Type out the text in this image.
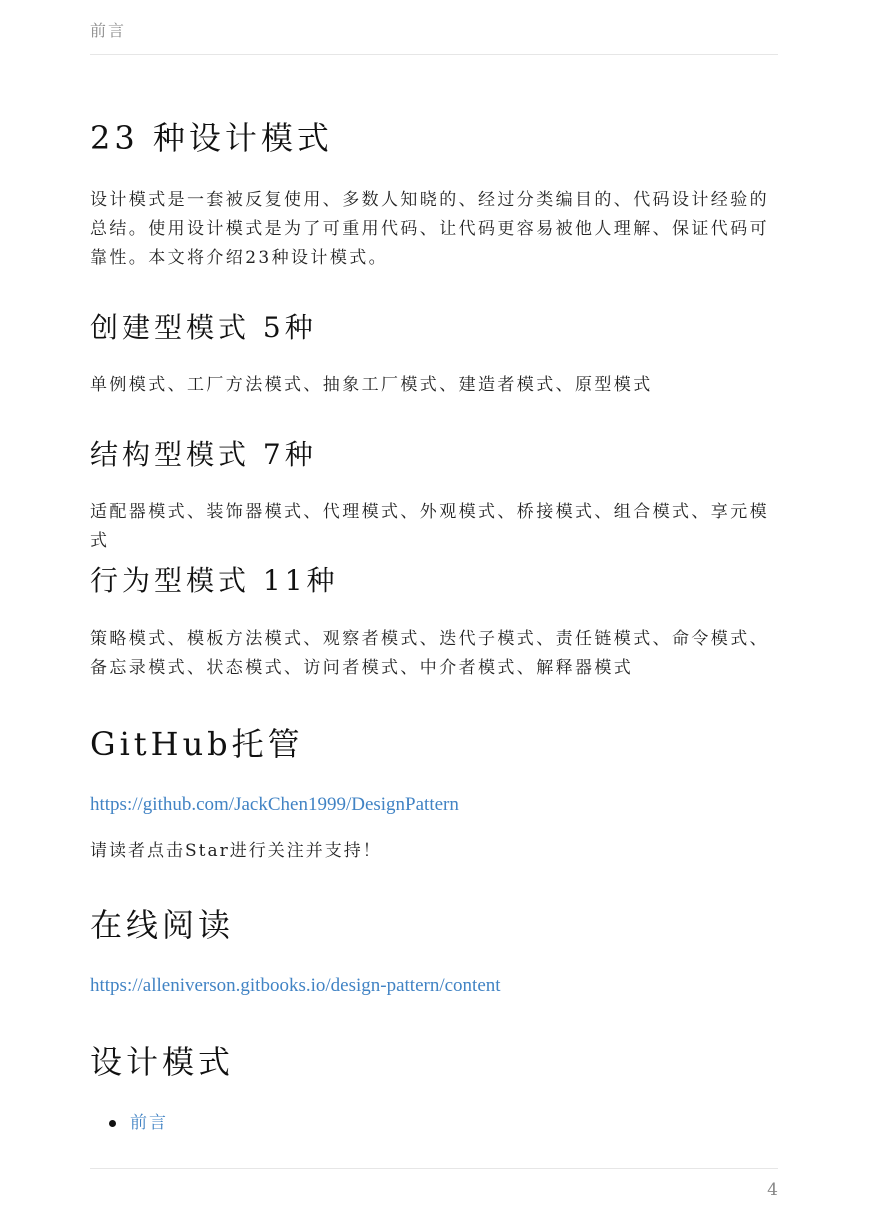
前言
23 种设计模式

设计模式是一套被反复使用、多数人知晓的、经过分类编目的、代码设计经验的总结。使用设计模式是为了可重用代码、让代码更容易被他人理解、保证代码可靠性。本文将介绍23种设计模式。

创建型模式 5种

单例模式、工厂方法模式、抽象工厂模式、建造者模式、原型模式

结构型模式 7种

适配器模式、装饰器模式、代理模式、外观模式、桥接模式、组合模式、享元模式

行为型模式 11种

策略模式、模板方法模式、观察者模式、迭代子模式、责任链模式、命令模式、备忘录模式、状态模式、访问者模式、中介者模式、解释器模式

GitHub托管
https://github.com/JackChen1999/DesignPattern

请读者点击Star进行关注并支持！

在线阅读
https://alleniverson.gitbooks.io/design-pattern/content
设计模式
前言
4
